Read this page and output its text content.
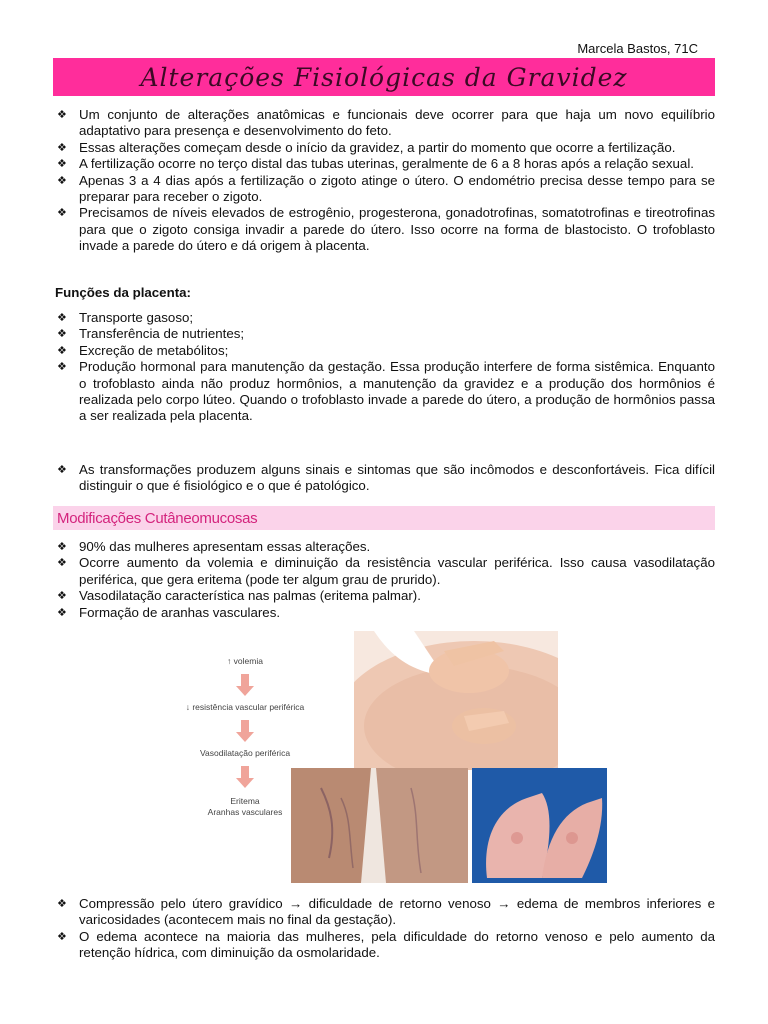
Marcela Bastos, 71C
Alterações Fisiológicas da Gravidez
❖ Um conjunto de alterações anatômicas e funcionais deve ocorrer para que haja um novo equilíbrio adaptativo para presença e desenvolvimento do feto.
❖ Essas alterações começam desde o início da gravidez, a partir do momento que ocorre a fertilização.
❖ A fertilização ocorre no terço distal das tubas uterinas, geralmente de 6 a 8 horas após a relação sexual.
❖ Apenas 3 a 4 dias após a fertilização o zigoto atinge o útero. O endométrio precisa desse tempo para se preparar para receber o zigoto.
❖ Precisamos de níveis elevados de estrogênio, progesterona, gonadotrofinas, somatotrofinas e tireotrofinas para que o zigoto consiga invadir a parede do útero. Isso ocorre na forma de blastocisto. O trofoblasto invade a parede do útero e dá origem à placenta.
Funções da placenta:
❖ Transporte gasoso;
❖ Transferência de nutrientes;
❖ Excreção de metabólitos;
❖ Produção hormonal para manutenção da gestação. Essa produção interfere de forma sistêmica. Enquanto o trofoblasto ainda não produz hormônios, a manutenção da gravidez e a produção dos hormônios é realizada pelo corpo lúteo. Quando o trofoblasto invade a parede do útero, a produção de hormônios passa a ser realizada pela placenta.
❖ As transformações produzem alguns sinais e sintomas que são incômodos e desconfortáveis. Fica difícil distinguir o que é fisiológico e o que é patológico.
Modificações Cutâneomucosas
❖ 90% das mulheres apresentam essas alterações.
❖ Ocorre aumento da volemia e diminuição da resistência vascular periférica. Isso causa vasodilatação periférica, que gera eritema (pode ter algum grau de prurido).
❖ Vasodilatação característica nas palmas (eritema palmar).
❖ Formação de aranhas vasculares.
↑ volemia
↓ resistência vascular periférica
Vasodilatação periférica
Eritema
Aranhas vasculares
❖ Compressão pelo útero gravídico → dificuldade de retorno venoso → edema de membros inferiores e varicosidades (acontecem mais no final da gestação).
❖ O edema acontece na maioria das mulheres, pela dificuldade do retorno venoso e pelo aumento da retenção hídrica, com diminuição da osmolaridade.
